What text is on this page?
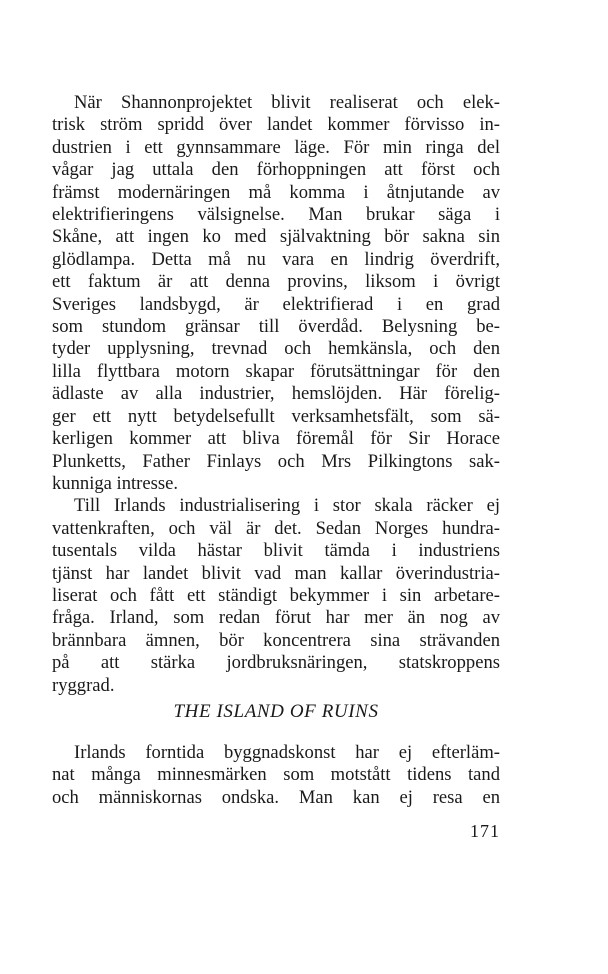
När Shannonprojektet blivit realiserat och elek-
trisk ström spridd över landet kommer förvisso in-
dustrien i ett gynnsammare läge. För min ringa del
vågar jag uttala den förhoppningen att först och
främst modernäringen må komma i åtnjutande av
elektrifieringens välsignelse. Man brukar säga i
Skåne, att ingen ko med självaktning bör sakna sin
glödlampa. Detta må nu vara en lindrig överdrift,
ett faktum är att denna provins, liksom i övrigt
Sveriges landsbygd, är elektrifierad i en grad
som stundom gränsar till överdåd. Belysning be-
tyder upplysning, trevnad och hemkänsla, och den
lilla flyttbara motorn skapar förutsättningar för den
ädlaste av alla industrier, hemslöjden. Här förelig-
ger ett nytt betydelsefullt verksamhetsfält, som sä-
kerligen kommer att bliva föremål för Sir Horace
Plunketts, Father Finlays och Mrs Pilkingtons sak-
kunniga intresse.
Till Irlands industrialisering i stor skala räcker ej
vattenkraften, och väl är det. Sedan Norges hundra-
tusentals vilda hästar blivit tämda i industriens
tjänst har landet blivit vad man kallar överindustria-
liserat och fått ett ständigt bekymmer i sin arbetare-
fråga. Irland, som redan förut har mer än nog av
brännbara ämnen, bör koncentrera sina strävanden
på att stärka jordbruksnäringen, statskroppens
ryggrad.
THE ISLAND OF RUINS
Irlands forntida byggnadskonst har ej efterläm-
nat många minnesmärken som motstått tidens tand
och människornas ondska. Man kan ej resa en
171
